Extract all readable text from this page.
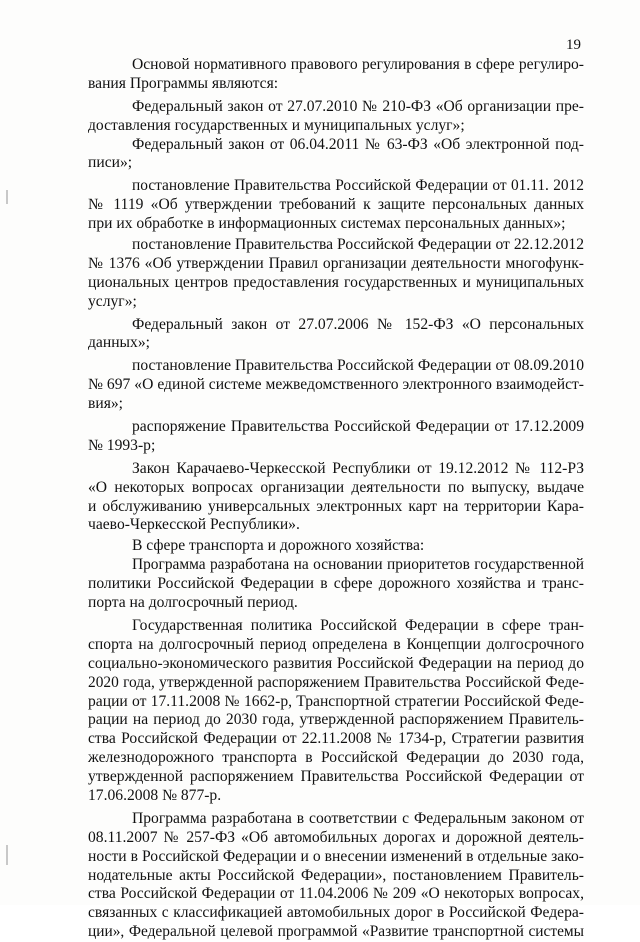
19
Основой нормативного правового регулирования в сфере регулиро-
вания Программы являются:
Федеральный закон от 27.07.2010 № 210-ФЗ «Об организации пре-
доставления государственных и муниципальных услуг»;
Федеральный закон от 06.04.2011 № 63-ФЗ «Об электронной под-
писи»;
постановление Правительства Российской Федерации от 01.11. 2012
№ 1119 «Об утверждении требований к защите персональных данных
при их обработке в информационных системах персональных данных»;
постановление Правительства Российской Федерации от 22.12.2012
№ 1376 «Об утверждении Правил организации деятельности многофунк-
циональных центров предоставления государственных и муниципальных
услуг»;
Федеральный закон от 27.07.2006 № 152-ФЗ «О персональных
данных»;
постановление Правительства Российской Федерации от 08.09.2010
№ 697 «О единой системе межведомственного электронного взаимодейст-
вия»;
распоряжение Правительства Российской Федерации от 17.12.2009
№ 1993-р;
Закон Карачаево-Черкесской Республики от 19.12.2012 № 112-РЗ
«О некоторых вопросах организации деятельности по выпуску, выдаче
и обслуживанию универсальных электронных карт на территории Кара-
чаево-Черкесской Республики».
В сфере транспорта и дорожного хозяйства:
Программа разработана на основании приоритетов государственной
политики Российской Федерации в сфере дорожного хозяйства и транс-
порта на долгосрочный период.
Государственная политика Российской Федерации в сфере тран-
спорта на долгосрочный период определена в Концепции долгосрочного
социально-экономического развития Российской Федерации на период до
2020 года, утвержденной распоряжением Правительства Российской Феде-
рации от 17.11.2008 № 1662-р, Транспортной стратегии Российской Феде-
рации на период до 2030 года, утвержденной распоряжением Правитель-
ства Российской Федерации от 22.11.2008 № 1734-р, Стратегии развития
железнодорожного транспорта в Российской Федерации до 2030 года,
утвержденной распоряжением Правительства Российской Федерации от
17.06.2008 № 877-р.
Программа разработана в соответствии с Федеральным законом от
08.11.2007 № 257-ФЗ «Об автомобильных дорогах и дорожной деятель-
ности в Российской Федерации и о внесении изменений в отдельные зако-
нодательные акты Российской Федерации», постановлением Правитель-
ства Российской Федерации от 11.04.2006 № 209 «О некоторых вопросах,
связанных с классификацией автомобильных дорог в Российской Федера-
ции», Федеральной целевой программой «Развитие транспортной системы
